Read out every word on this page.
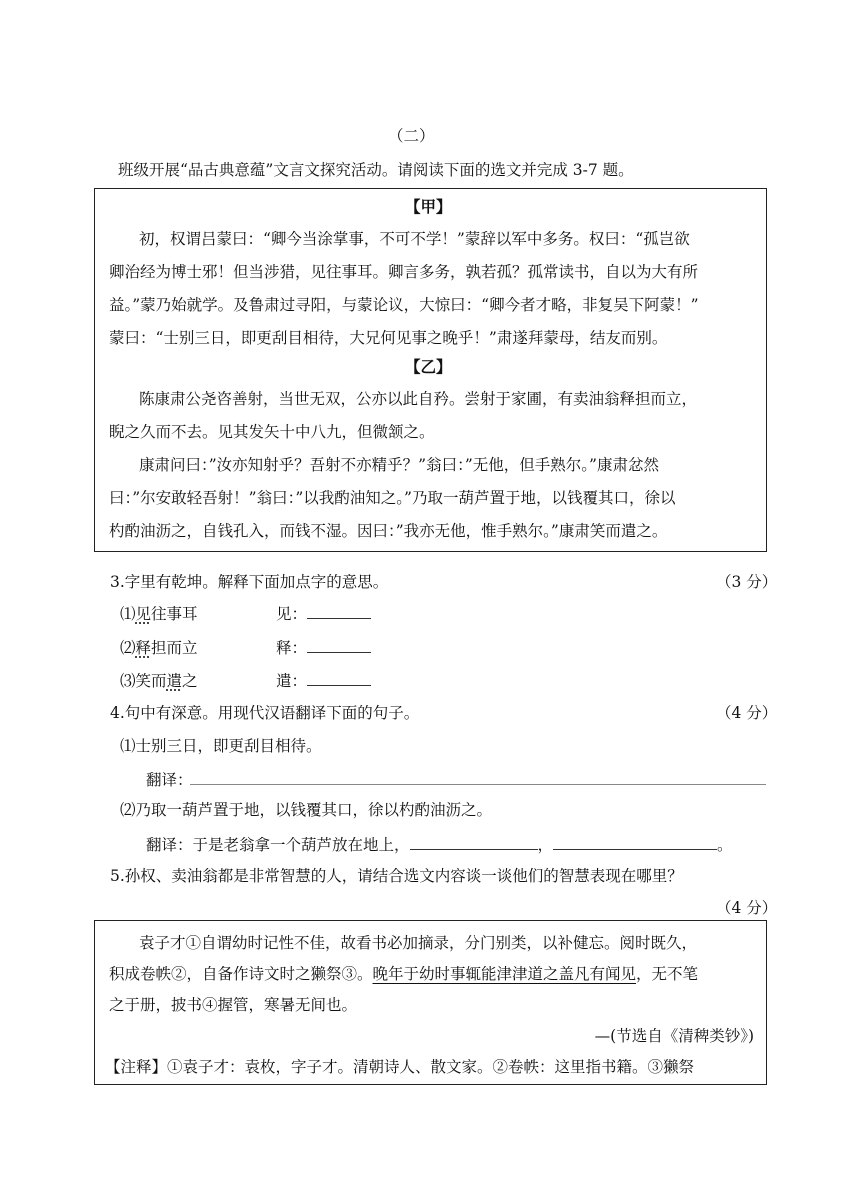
（二）
班级开展“品古典意蕴”文言文探究活动。请阅读下面的选文并完成 3-7 题。
【甲】
初，权谓吕蒙曰：“卿今当涂掌事，不可不学！”蒙辞以军中多务。权曰：“孤岂欲
卿治经为博士邪！但当涉猎，见往事耳。卿言多务，孰若孤？孤常读书，自以为大有所
益。”蒙乃始就学。及鲁肃过寻阳，与蒙论议，大惊曰：“卿今者才略，非复吴下阿蒙！”
蒙曰：“士别三日，即更刮目相待，大兄何见事之晚乎！”肃遂拜蒙母，结友而别。
【乙】
陈康肃公尧咨善射，当世无双，公亦以此自矜。尝射于家圃，有卖油翁释担而立，
睨之久而不去。见其发矢十中八九，但微颔之。
康肃问曰：”汝亦知射乎？吾射不亦精乎？”翁曰：”无他，但手熟尔。”康肃忿然
曰：”尔安敢轻吾射！”翁曰：”以我酌油知之。”乃取一葫芦置于地，以钱覆其口，徐以
杓酌油沥之，自钱孔入，而钱不湿。因曰：”我亦无他，惟手熟尔。”康肃笑而遣之。
3.字里有乾坤。解释下面加点字的意思。	（3 分）
⑴见往事耳	见：
⑵释担而立	释：
⑶笑而遣之	遣：
4.句中有深意。用现代汉语翻译下面的句子。	（4 分）
⑴士别三日，即更刮目相待。
翻译：
⑵乃取一葫芦置于地，以钱覆其口，徐以杓酌油沥之。
翻译：于是老翁拿一个葫芦放在地上，	，	。
5.孙权、卖油翁都是非常智慧的人，请结合选文内容谈一谈他们的智慧表现在哪里？
（4 分）
袁子才①自谓幼时记性不佳，故看书必加摘录，分门别类，以补健忘。阅时既久，
积成卷帙②，自备作诗文时之獭祭③。晚年于幼时事辄能津津道之盖凡有闻见，无不笔
之于册，披书④握管，寒暑无间也。
—(节选自《清稗类钞》)
【注释】①袁子才：袁枚，字子才。清朝诗人、散文家。②卷帙：这里指书籍。③獭祭
